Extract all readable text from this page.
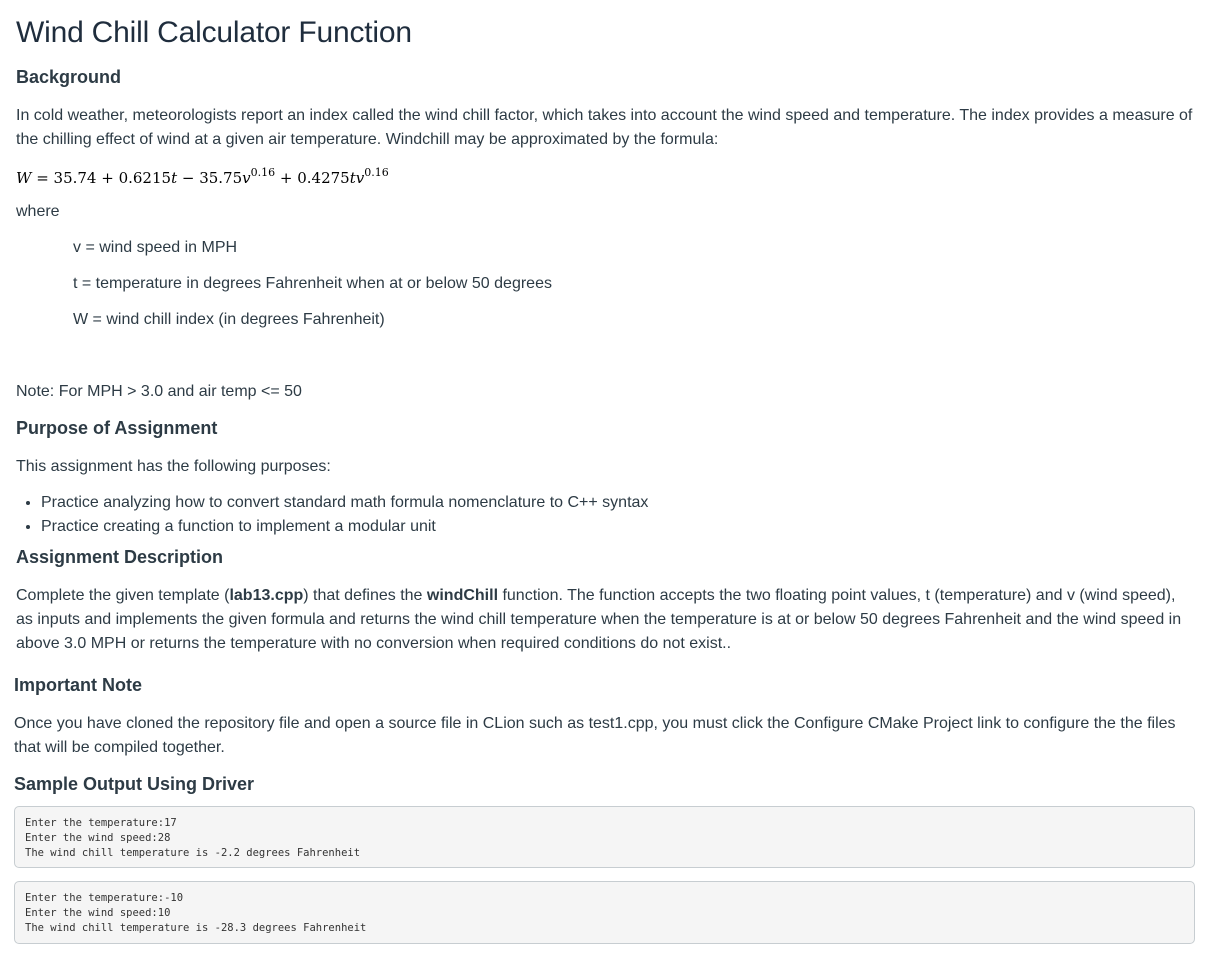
Wind Chill Calculator Function
Background

In cold weather, meteorologists report an index called the wind chill factor, which takes into account the wind speed and temperature. The index provides a measure of the chilling effect of wind at a given air temperature. Windchill may be approximated by the formula:

$W = 35.74 + 0.6215t - 35.75v^{0.16} + 0.4275tv^{0.16}$

where

v = wind speed in MPH

t = temperature in degrees Fahrenheit when at or below 50 degrees

W = wind chill index (in degrees Fahrenheit)

Note: For MPH > 3.0 and air temp <= 50

Purpose of Assignment

This assignment has the following purposes:

• Practice analyzing how to convert standard math formula nomenclature to C++ syntax
• Practice creating a function to implement a modular unit
Assignment Description

Complete the given template (lab13.cpp) that defines the windChill function. The function accepts the two floating point values, t (temperature) and v (wind speed), as inputs and implements the given formula and returns the wind chill temperature when the temperature is at or below 50 degrees Fahrenheit and the wind speed in above 3.0 MPH or returns the temperature with no conversion when required conditions do not exist..

Important Note

Once you have cloned the repository file and open a source file in CLion such as test1.cpp, you must click the Configure CMake Project link to configure the the files that will be compiled together.

Sample Output Using Driver
Enter the temperature:17
Enter the wind speed:28
The wind chill temperature is -2.2 degrees Fahrenheit
Enter the temperature:-10
Enter the wind speed:10
The wind chill temperature is -28.3 degrees Fahrenheit
